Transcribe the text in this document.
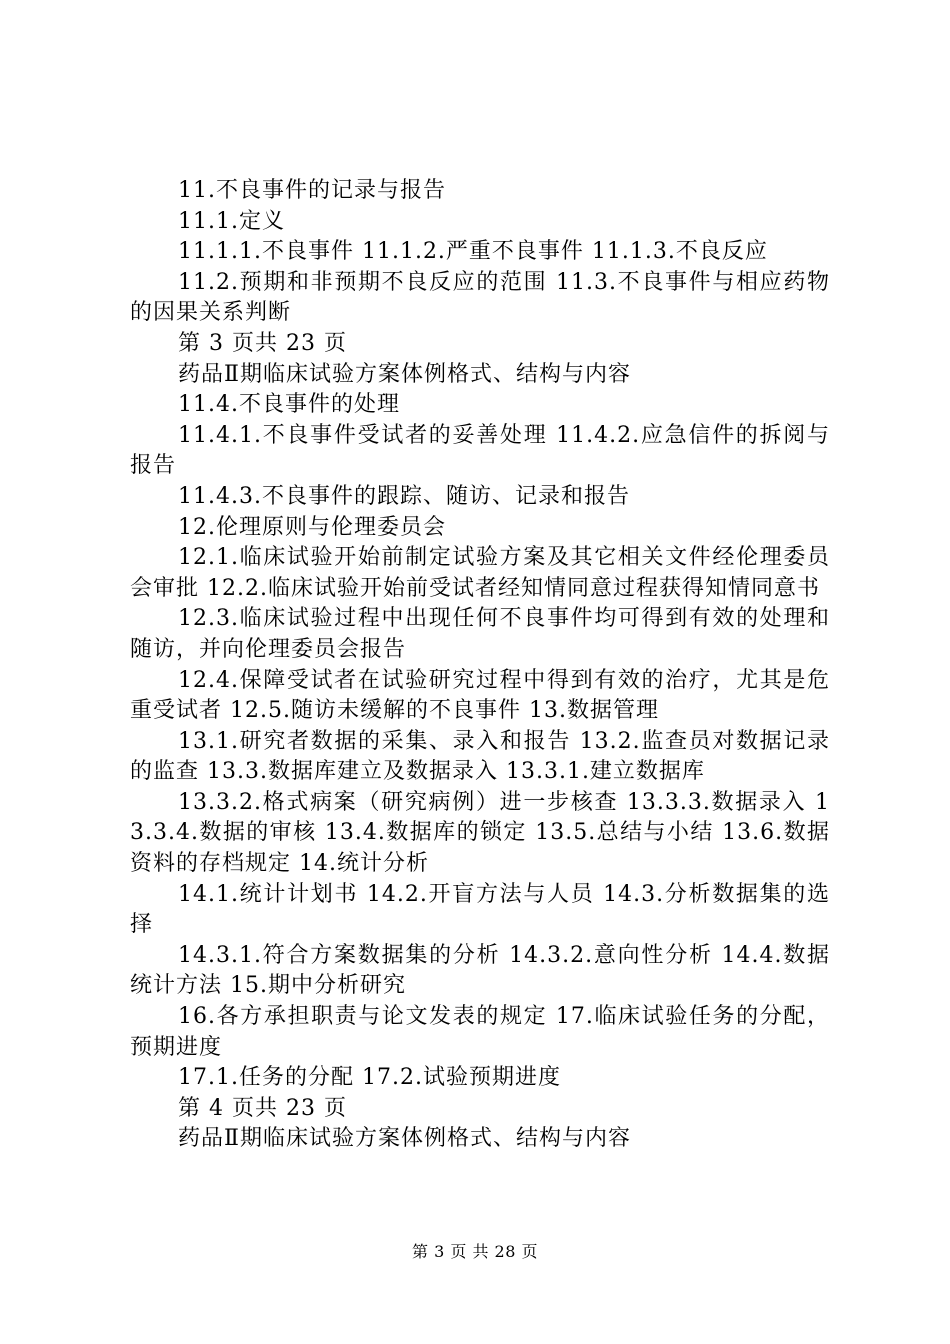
11.不良事件的记录与报告

11.1.定义

11.1.1.不良事件 11.1.2.严重不良事件 11.1.3.不良反应

11.2.预期和非预期不良反应的范围 11.3.不良事件与相应药物的因果关系判断

第 3 页共 23 页

药品Ⅱ期临床试验方案体例格式、结构与内容

11.4.不良事件的处理

11.4.1.不良事件受试者的妥善处理 11.4.2.应急信件的拆阅与报告

11.4.3.不良事件的跟踪、随访、记录和报告

12.伦理原则与伦理委员会

12.1.临床试验开始前制定试验方案及其它相关文件经伦理委员会审批 12.2.临床试验开始前受试者经知情同意过程获得知情同意书

12.3.临床试验过程中出现任何不良事件均可得到有效的处理和随访，并向伦理委员会报告

12.4.保障受试者在试验研究过程中得到有效的治疗，尤其是危重受试者 12.5.随访未缓解的不良事件 13.数据管理

13.1.研究者数据的采集、录入和报告 13.2.监查员对数据记录的监查 13.3.数据库建立及数据录入 13.3.1.建立数据库

13.3.2.格式病案（研究病例）进一步核查 13.3.3.数据录入 13.3.4.数据的审核 13.4.数据库的锁定 13.5.总结与小结 13.6.数据资料的存档规定 14.统计分析

14.1.统计计划书 14.2.开盲方法与人员 14.3.分析数据集的选择

14.3.1.符合方案数据集的分析 14.3.2.意向性分析 14.4.数据统计方法 15.期中分析研究

16.各方承担职责与论文发表的规定 17.临床试验任务的分配，预期进度

17.1.任务的分配 17.2.试验预期进度

第 4 页共 23 页

药品Ⅱ期临床试验方案体例格式、结构与内容

第 3 页 共 28 页
